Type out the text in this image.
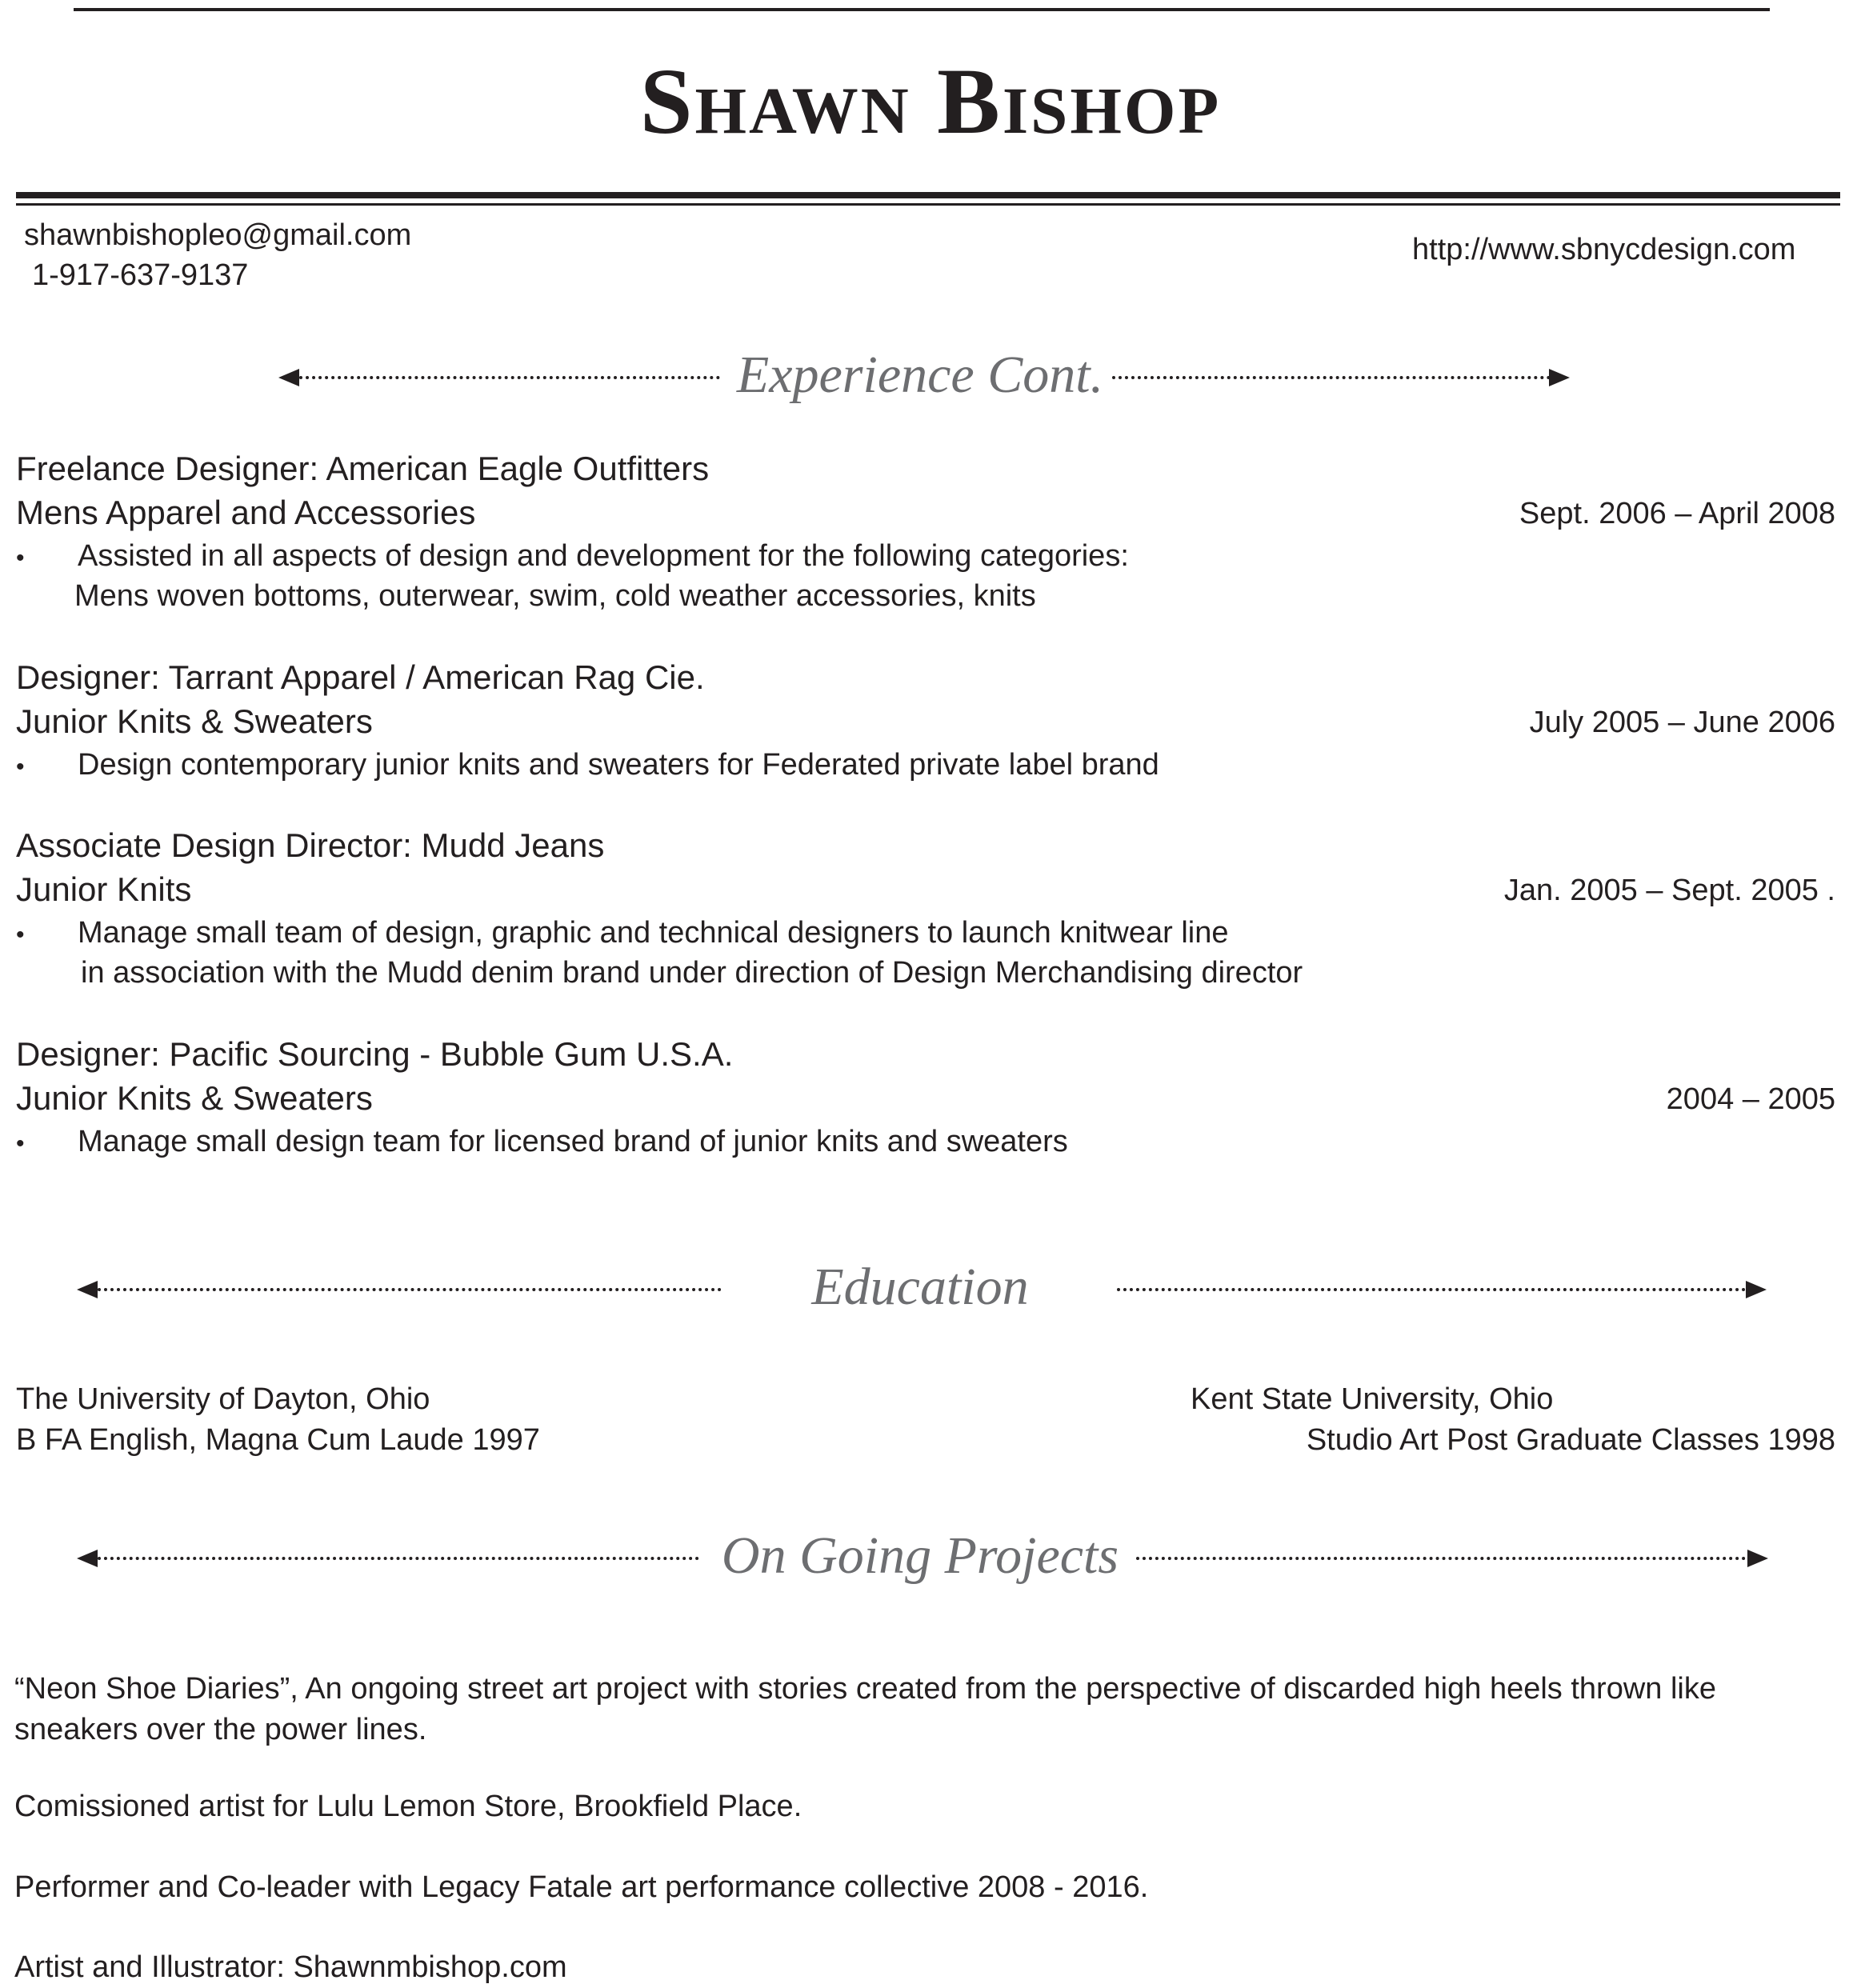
Shawn Bishop
shawnbishopleo@gmail.com
1-917-637-9137
http://www.sbnycdesign.com
Experience Cont.
Freelance Designer: American Eagle Outfitters
Mens Apparel and Accessories	Sept. 2006 – April 2008
• Assisted in all aspects of design and development for the following categories:
Mens woven bottoms, outerwear, swim, cold weather accessories, knits
Designer: Tarrant Apparel / American Rag Cie.
Junior Knits & Sweaters	July 2005 – June 2006
• Design contemporary junior knits and sweaters for Federated private label brand
Associate Design Director: Mudd Jeans
Junior Knits	Jan. 2005 – Sept. 2005 .
• Manage small team of design, graphic and technical designers to launch knitwear line
in association with the Mudd denim brand under direction of Design Merchandising director
Designer: Pacific Sourcing - Bubble Gum U.S.A.
Junior Knits & Sweaters	2004 – 2005
• Manage small design team for licensed brand of junior knits and sweaters
Education
The University of Dayton, Ohio
B FA English, Magna Cum Laude 1997
Kent State University, Ohio
Studio Art Post Graduate Classes 1998
On Going Projects
“Neon Shoe Diaries”, An ongoing street art project with stories created from the perspective of discarded high heels thrown like sneakers over the power lines.
Comissioned artist for Lulu Lemon Store, Brookfield Place.
Performer and Co-leader with Legacy Fatale art performance collective 2008 - 2016.
Artist and Illustrator: Shawnmbishop.com
